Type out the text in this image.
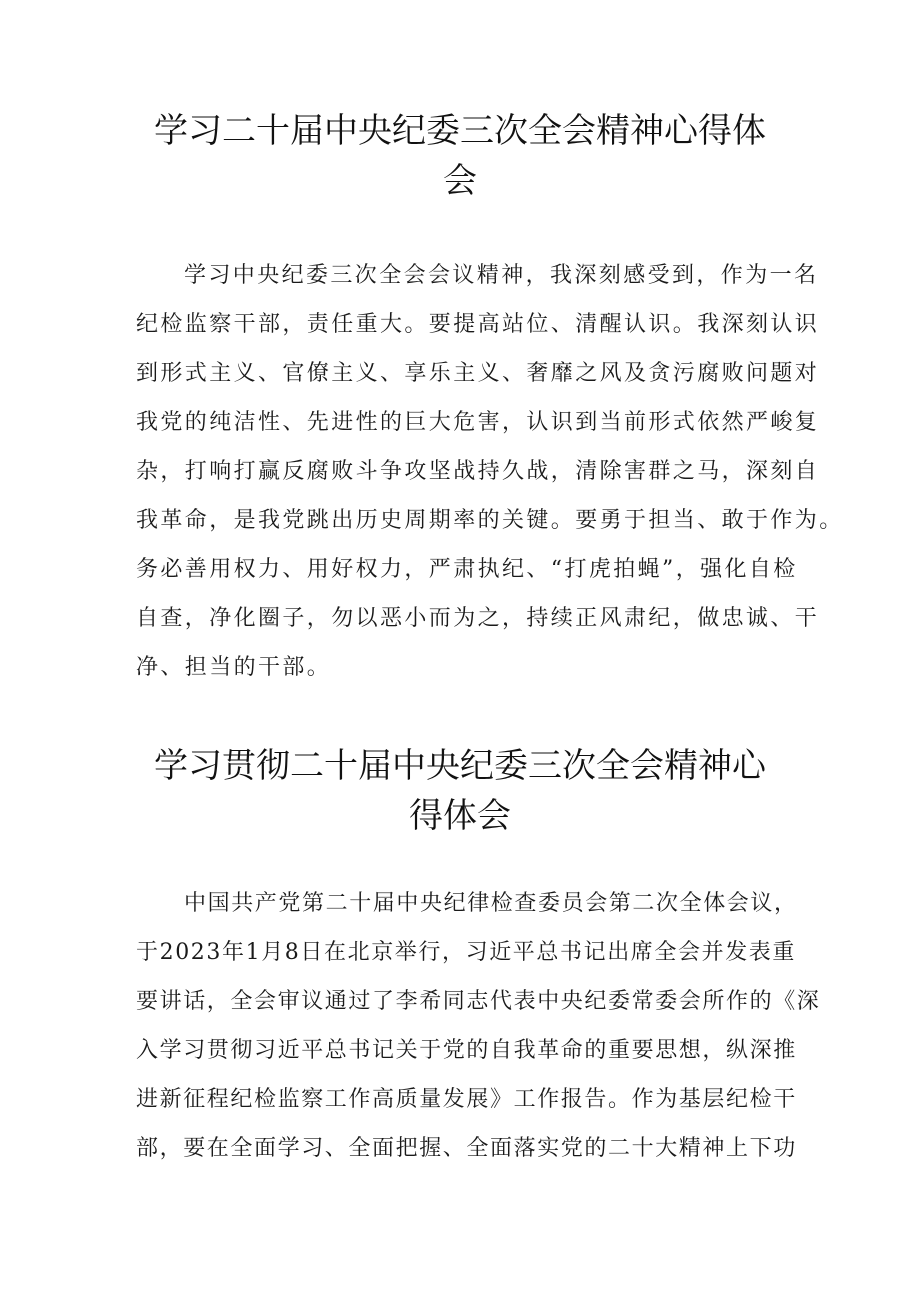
学习二十届中央纪委三次全会精神心得体
会

学习中央纪委三次全会会议精神，我深刻感受到，作为一名
纪检监察干部，责任重大。要提高站位、清醒认识。我深刻认识
到形式主义、官僚主义、享乐主义、奢靡之风及贪污腐败问题对
我党的纯洁性、先进性的巨大危害，认识到当前形式依然严峻复
杂，打响打赢反腐败斗争攻坚战持久战，清除害群之马，深刻自
我革命，是我党跳出历史周期率的关键。要勇于担当、敢于作为。
务必善用权力、用好权力，严肃执纪、“打虎拍蝇”，强化自检
自查，净化圈子，勿以恶小而为之，持续正风肃纪，做忠诚、干
净、担当的干部。

学习贯彻二十届中央纪委三次全会精神心
得体会

中国共产党第二十届中央纪律检查委员会第二次全体会议，
于2023年1月8日在北京举行，习近平总书记出席全会并发表重
要讲话，全会审议通过了李希同志代表中央纪委常委会所作的《深
入学习贯彻习近平总书记关于党的自我革命的重要思想，纵深推
进新征程纪检监察工作高质量发展》工作报告。作为基层纪检干
部，要在全面学习、全面把握、全面落实党的二十大精神上下功
